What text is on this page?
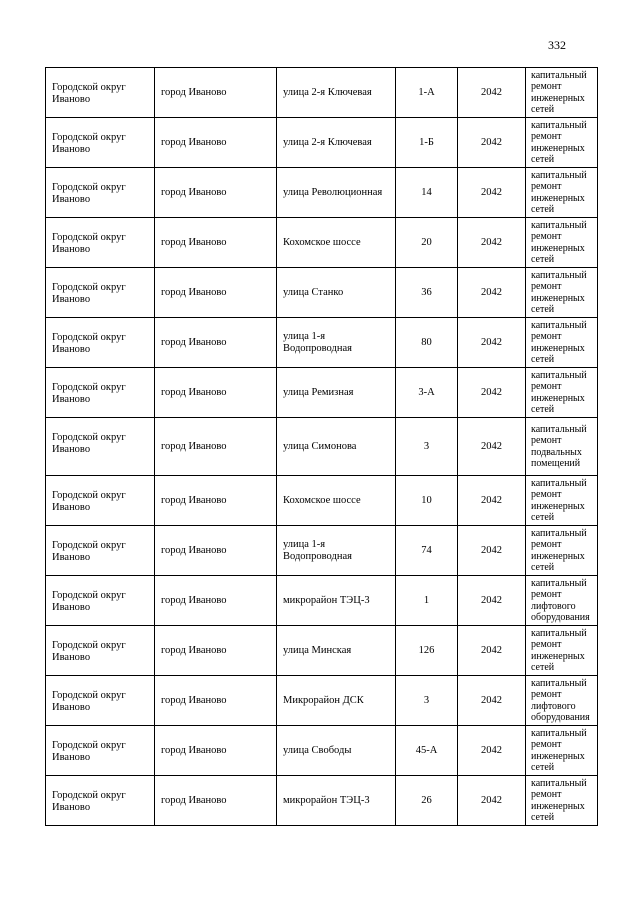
332
Городской округ Иваново	город Иваново	улица 2-я Ключевая	1-А	2042	капитальный ремонт инженерных сетей
Городской округ Иваново	город Иваново	улица 2-я Ключевая	1-Б	2042	капитальный ремонт инженерных сетей
Городской округ Иваново	город Иваново	улица Революционная	14	2042	капитальный ремонт инженерных сетей
Городской округ Иваново	город Иваново	Кохомское шоссе	20	2042	капитальный ремонт инженерных сетей
Городской округ Иваново	город Иваново	улица Станко	36	2042	капитальный ремонт инженерных сетей
Городской округ Иваново	город Иваново	улица 1-я Водопроводная	80	2042	капитальный ремонт инженерных сетей
Городской округ Иваново	город Иваново	улица Ремизная	3-А	2042	капитальный ремонт инженерных сетей
Городской округ Иваново	город Иваново	улица Симонова	3	2042	капитальный ремонт подвальных помещений
Городской округ Иваново	город Иваново	Кохомское шоссе	10	2042	капитальный ремонт инженерных сетей
Городской округ Иваново	город Иваново	улица 1-я Водопроводная	74	2042	капитальный ремонт инженерных сетей
Городской округ Иваново	город Иваново	микрорайон ТЭЦ-3	1	2042	капитальный ремонт лифтового оборудования
Городской округ Иваново	город Иваново	улица Минская	126	2042	капитальный ремонт инженерных сетей
Городской округ Иваново	город Иваново	Микрорайон ДСК	3	2042	капитальный ремонт лифтового оборудования
Городской округ Иваново	город Иваново	улица Свободы	45-А	2042	капитальный ремонт инженерных сетей
Городской округ Иваново	город Иваново	микрорайон ТЭЦ-3	26	2042	капитальный ремонт инженерных сетей
